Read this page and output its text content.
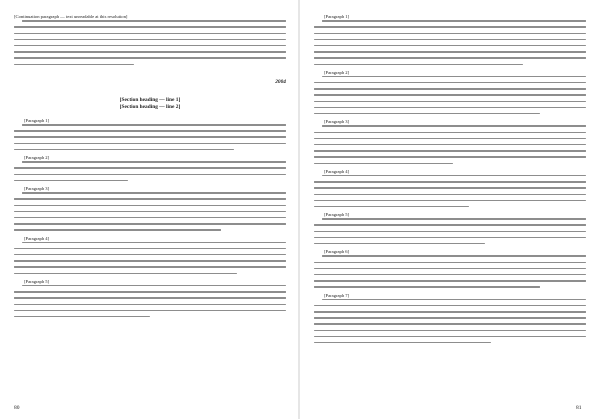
[Continuation paragraph — text unreadable at this resolution]

2004
[Section heading — line 1]
[Section heading — line 2]

[Paragraph 1]

[Paragraph 2]

[Paragraph 3]

[Paragraph 4]

[Paragraph 5]

[Paragraph 1]

[Paragraph 2]

[Paragraph 3]

[Paragraph 4]

[Paragraph 5]

[Paragraph 6]

[Paragraph 7]

80	81
